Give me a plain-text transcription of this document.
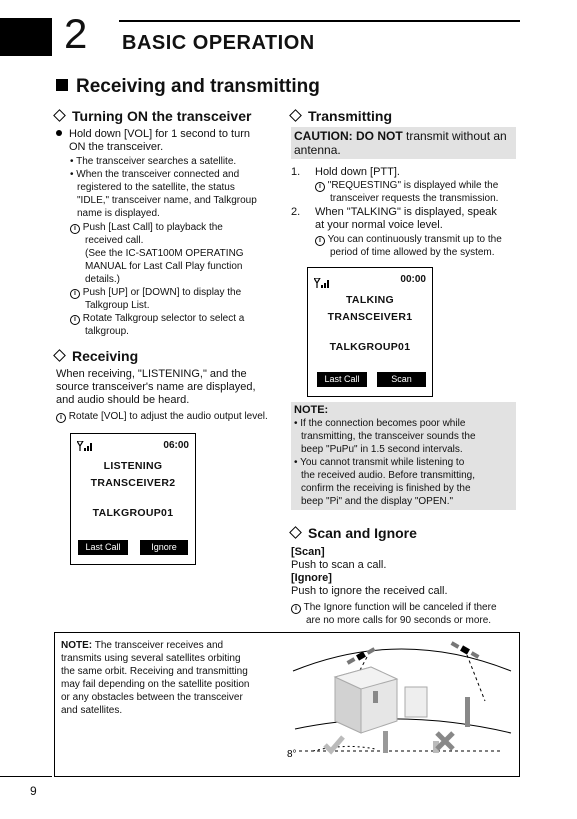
2 BASIC OPERATION
Receiving and transmitting
Turning ON the transceiver
Hold down [VOL] for 1 second to turn
ON the transceiver.
• The transceiver searches a satellite.
• When the transceiver connected and
registered to the satellite, the status
"IDLE," transceiver name, and Talkgroup
name is displayed.
i Push [Last Call] to playback the
received call.
(See the IC-SAT100M OPERATING
MANUAL for Last Call Play function
details.)
i Push [UP] or [DOWN] to display the
Talkgroup List.
i Rotate Talkgroup selector to select a
talkgroup.
Receiving
When receiving, "LISTENING," and the
source transceiver's name are displayed,
and audio should be heard.
i Rotate [VOL] to adjust the audio output level.
06:00
LISTENING
TRANSCEIVER2
TALKGROUP01
Last Call	Ignore
Transmitting
CAUTION: DO NOT transmit without an
antenna.
1. Hold down [PTT].
i "REQUESTING" is displayed while the
transceiver requests the transmission.
2. When "TALKING" is displayed, speak
at your normal voice level.
i You can continuously transmit up to the
period of time allowed by the system.
00:00
TALKING
TRANSCEIVER1
TALKGROUP01
Last Call	Scan
NOTE:
• If the connection becomes poor while
transmitting, the transceiver sounds the
beep "PuPu" in 1.5 second intervals.
• You cannot transmit while listening to
the received audio. Before transmitting,
confirm the receiving is finished by the
beep "Pi" and the display "OPEN."
Scan and Ignore
[Scan]
Push to scan a call.
[Ignore]
Push to ignore the received call.
i The Ignore function will be canceled if there
are no more calls for 90 seconds or more.
NOTE: The transceiver receives and
transmits using several satellites orbiting
the same orbit. Receiving and transmitting
may fail depending on the satellite position
or any obstacles between the transceiver
and satellites.
8°
9
